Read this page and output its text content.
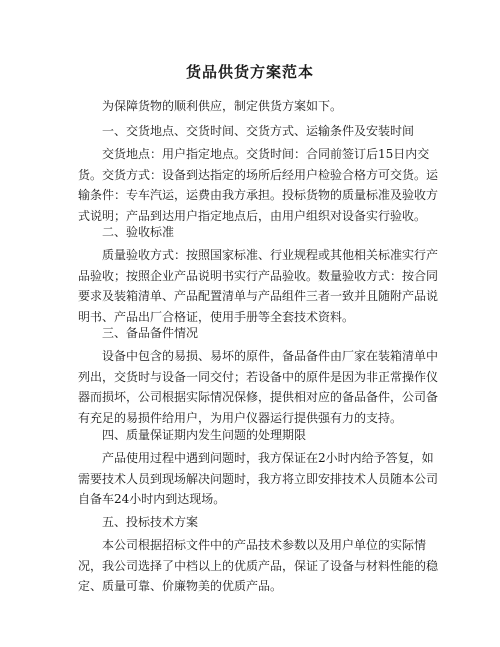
货品供货方案范本

为保障货物的顺利供应，制定供货方案如下。

一、交货地点、交货时间、交货方式、运输条件及安装时间

交货地点：用户指定地点。交货时间：合同前签订后15日内交货。交货方式：设备到达指定的场所后经用户检验合格方可交货。运输条件：专车汽运，运费由我方承担。投标货物的质量标准及验收方式说明；产品到达用户指定地点后，由用户组织对设备实行验收。

二、验收标准

质量验收方式：按照国家标准、行业规程或其他相关标准实行产品验收；按照企业产品说明书实行产品验收。数量验收方式：按合同要求及装箱清单、产品配置清单与产品组件三者一致并且随附产品说明书、产品出厂合格证，使用手册等全套技术资料。

三、备品备件情况

设备中包含的易损、易坏的原件，备品备件由厂家在装箱清单中列出，交货时与设备一同交付；若设备中的原件是因为非正常操作仪器而损坏，公司根据实际情况保修，提供相对应的备品备件，公司备有充足的易损件给用户，为用户仪器运行提供强有力的支持。

四、质量保证期内发生问题的处理期限

产品使用过程中遇到问题时，我方保证在2小时内给予答复，如需要技术人员到现场解决问题时，我方将立即安排技术人员随本公司自备车24小时内到达现场。

五、投标技术方案

本公司根据招标文件中的产品技术参数以及用户单位的实际情况，我公司选择了中档以上的优质产品，保证了设备与材料性能的稳定、质量可靠、价廉物美的优质产品。
